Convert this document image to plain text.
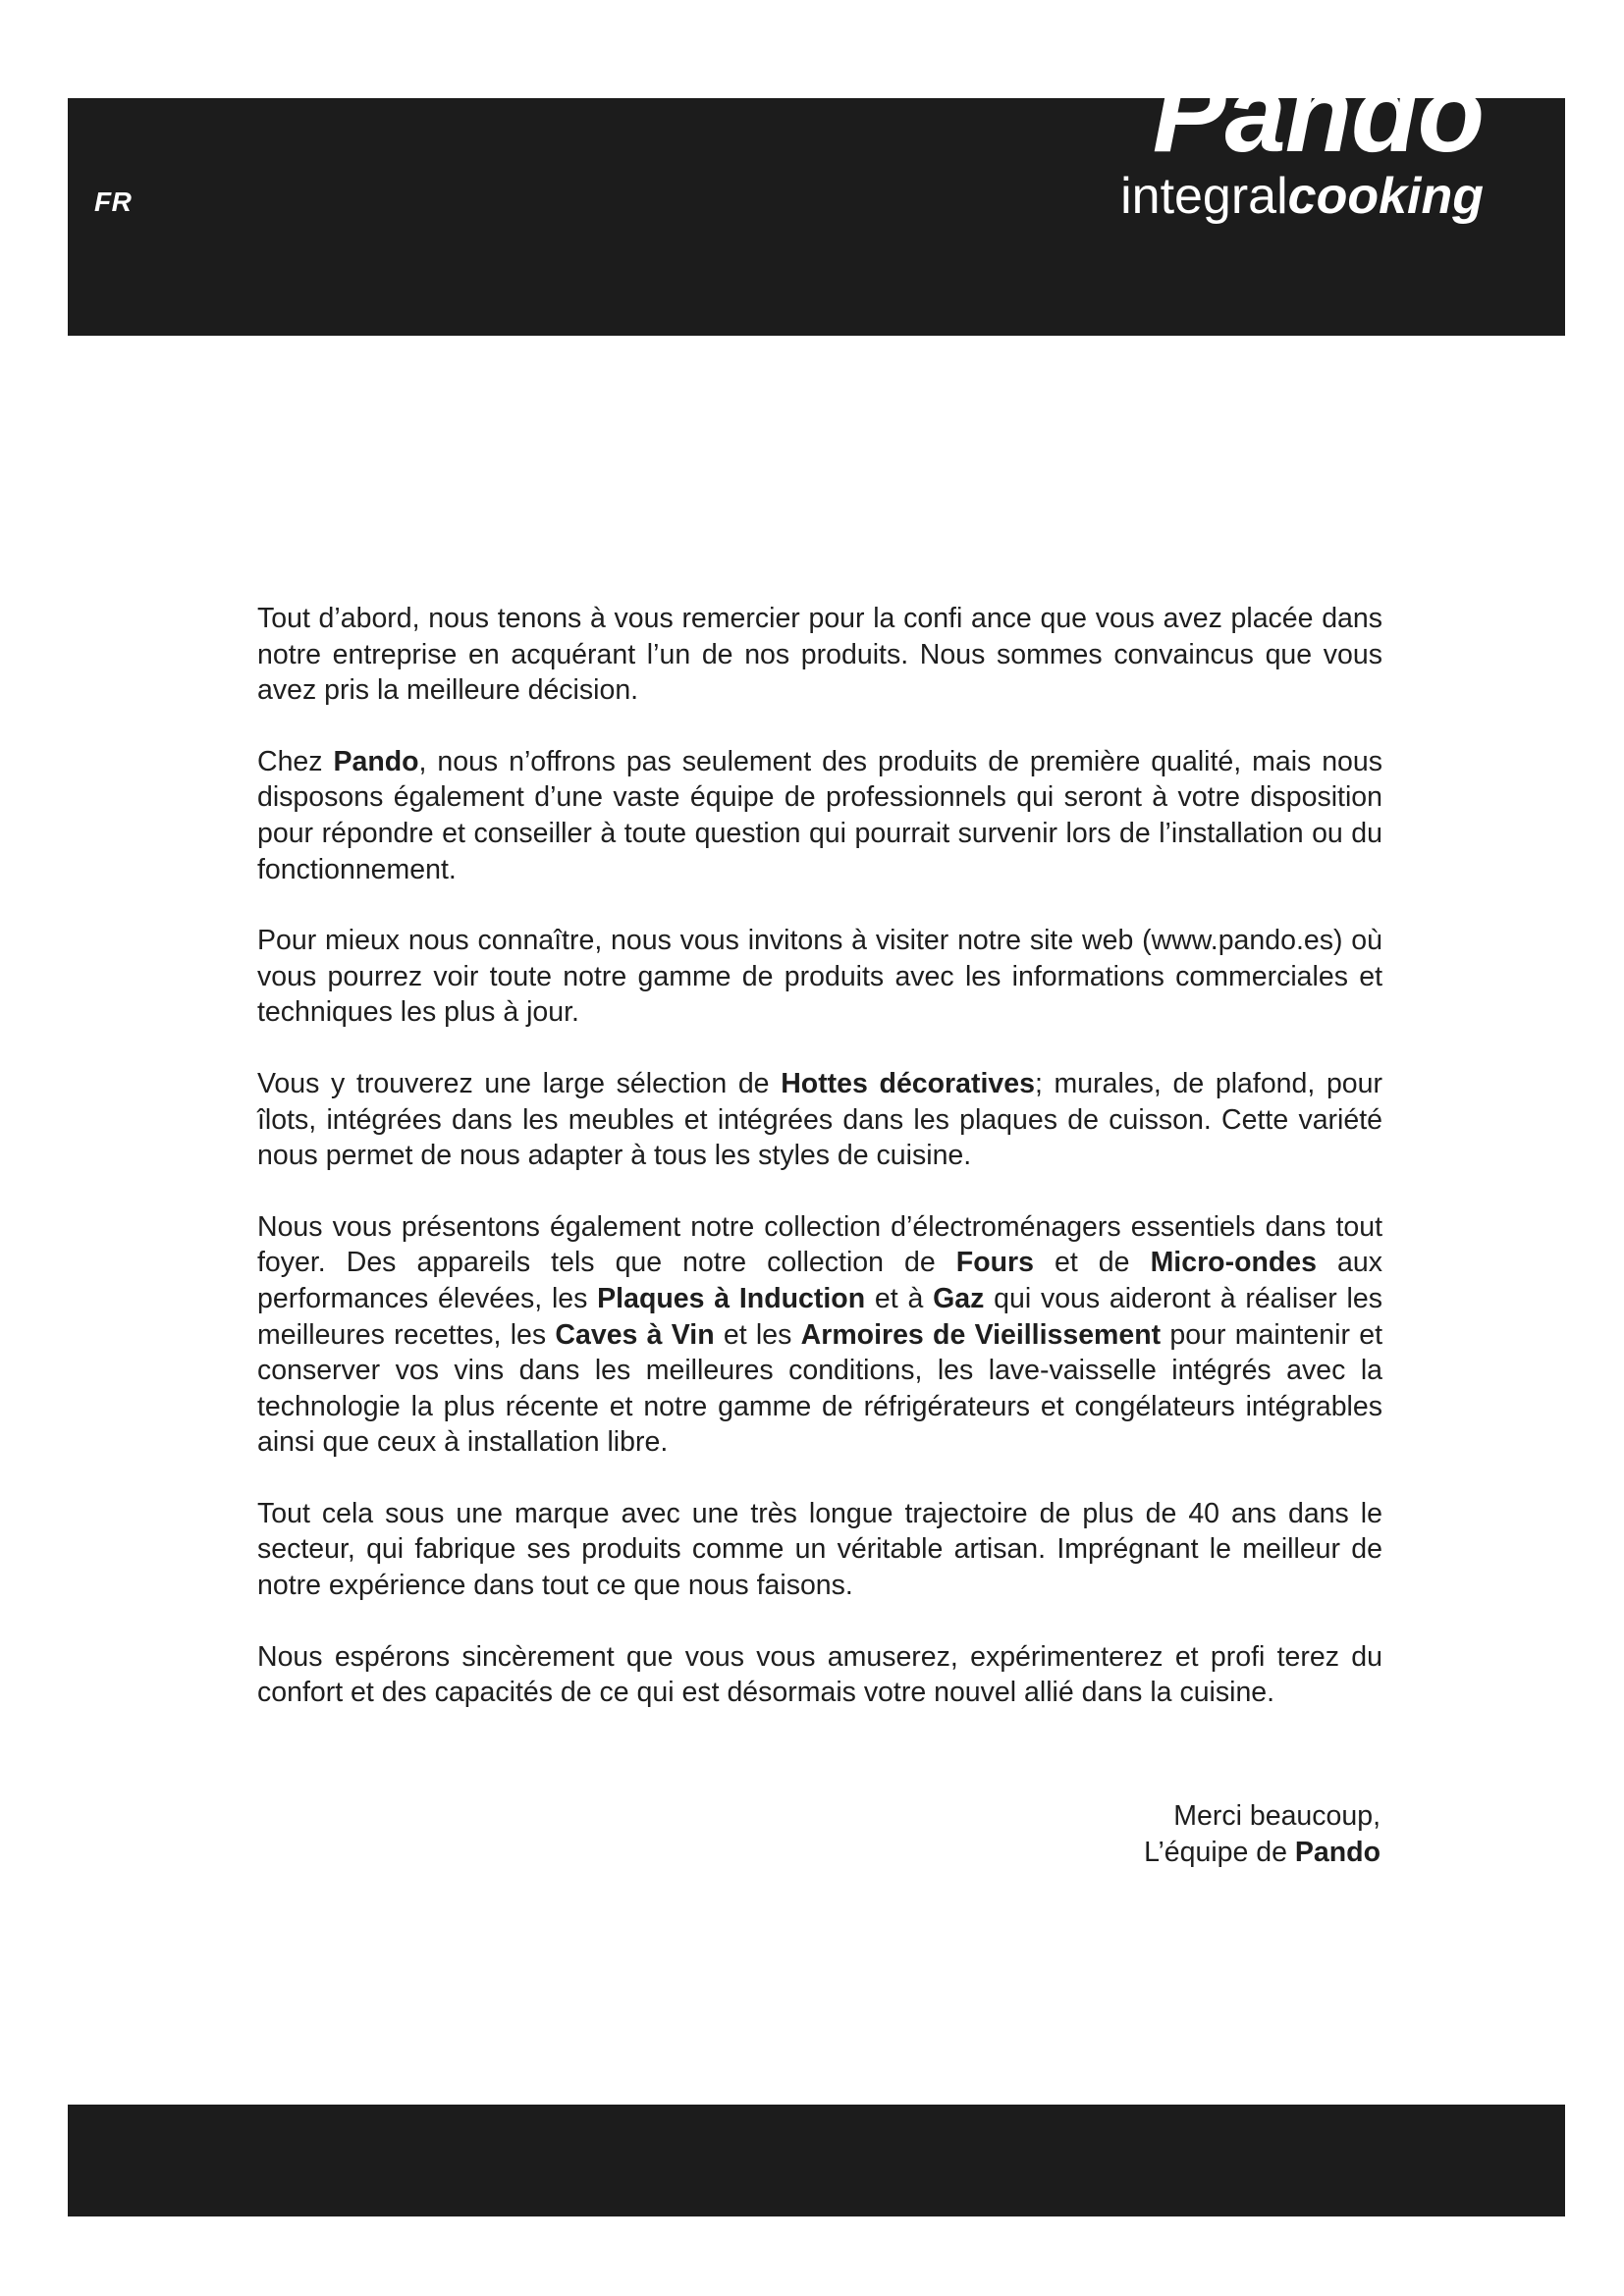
FR
Pando
integralcooking

Tout d’abord, nous tenons à vous remercier pour la confi ance que vous avez placée dans notre entreprise en acquérant l’un de nos produits. Nous sommes convaincus que vous avez pris la meilleure décision.

Chez Pando, nous n’offrons pas seulement des produits de première qualité, mais nous disposons également d’une vaste équipe de professionnels qui seront à votre disposition pour répondre et conseiller à toute question qui pourrait survenir lors de l’installation ou du fonctionnement.

Pour mieux nous connaître, nous vous invitons à visiter notre site web (www.pando.es) où vous pourrez voir toute notre gamme de produits avec les informations commerciales et techniques les plus à jour.

Vous y trouverez une large sélection de Hottes décoratives; murales, de plafond, pour îlots, intégrées dans les meubles et intégrées dans les plaques de cuisson. Cette variété nous permet de nous adapter à tous les styles de cuisine.

Nous vous présentons également notre collection d’électroménagers essentiels dans tout foyer. Des appareils tels que notre collection de Fours et de Micro-ondes aux performances élevées, les Plaques à Induction et à Gaz qui vous aideront à réaliser les meilleures recettes, les Caves à Vin et les Armoires de Vieillissement pour maintenir et conserver vos vins dans les meilleures conditions, les lave-vaisselle intégrés avec la technologie la plus récente et notre gamme de réfrigérateurs et congélateurs intégrables ainsi que ceux à installation libre.

Tout cela sous une marque avec une très longue trajectoire de plus de 40 ans dans le secteur, qui fabrique ses produits comme un véritable artisan. Imprégnant le meilleur de notre expérience dans tout ce que nous faisons.

Nous espérons sincèrement que vous vous amuserez, expérimenterez et profi terez du confort et des capacités de ce qui est désormais votre nouvel allié dans la cuisine.

Merci beaucoup,
L’équipe de Pando
